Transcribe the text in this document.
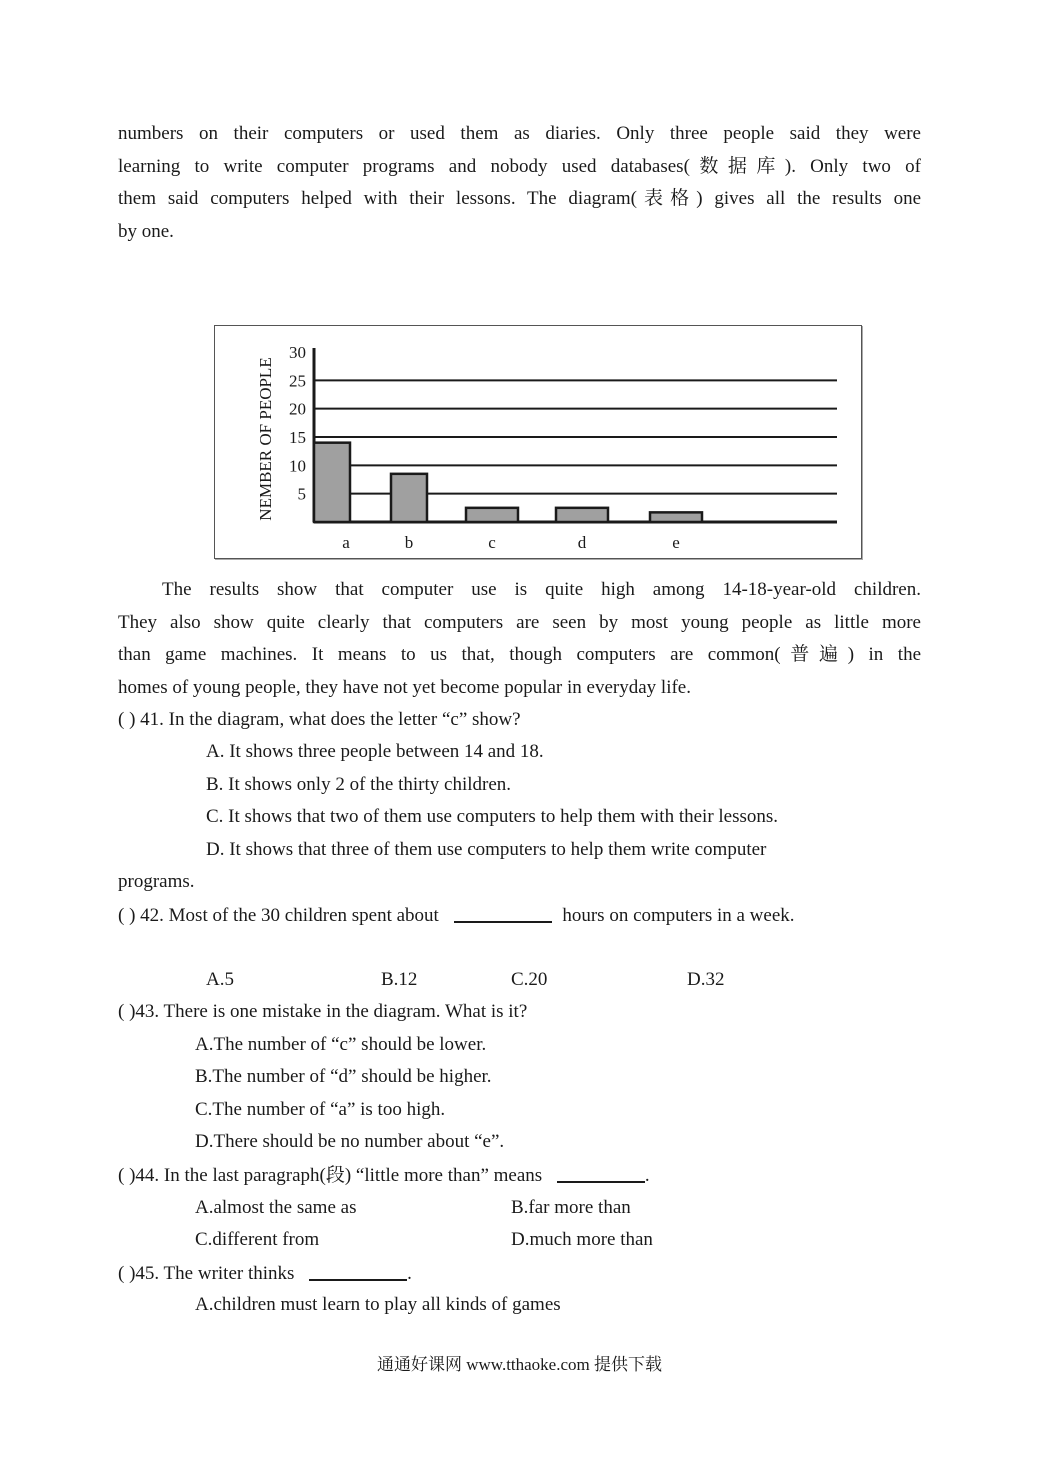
numbers on their computers or used them as diaries. Only three people said they were
learning to write computer programs and nobody used databases(数据库). Only two of
them said computers helped with their lessons. The diagram(表格) gives all the results one
by one.
5
10
15
20
25
30
NEMBER OF PEOPLE
a	b	c	d	e
The results show that computer use is quite high among 14-18-year-old children.
They also show quite clearly that computers are seen by most young people as little more
than game machines. It means to us that, though computers are common(普遍) in the
homes of young people, they have not yet become popular in everyday life.
( ) 41. In the diagram, what does the letter “c” show?
A. It shows three people between 14 and 18.
B. It shows only 2 of the thirty children.
C. It shows that two of them use computers to help them with their lessons.
D. It shows that three of them use computers to help them write computer
programs.
( ) 42. Most of the 30 children spent about	hours on computers in a week.
A.5	B.12	C.20	D.32
( )43. There is one mistake in the diagram. What is it?
A.The number of “c” should be lower.
B.The number of “d” should be higher.
C.The number of “a” is too high.
D.There should be no number about “e”.
( )44. In the last paragraph(段) “little more than” means	.
A.almost the same as	B.far more than
C.different from	D.much more than
( )45. The writer thinks	.
A.children must learn to play all kinds of games
通通好课网 www.tthaoke.com 提供下载
